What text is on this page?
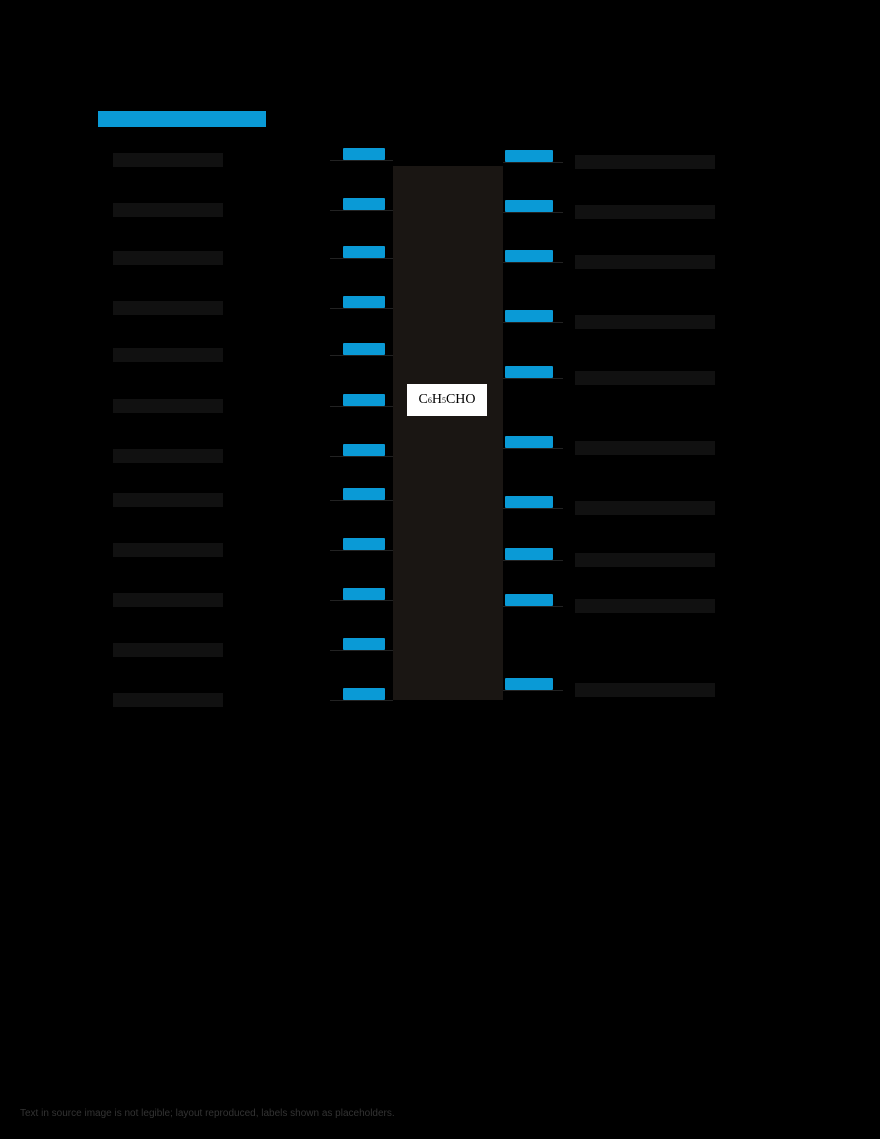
[illegible]
C 6 H 5 CHO
Text in source image is not legible; layout reproduced, labels shown as placeholders.
